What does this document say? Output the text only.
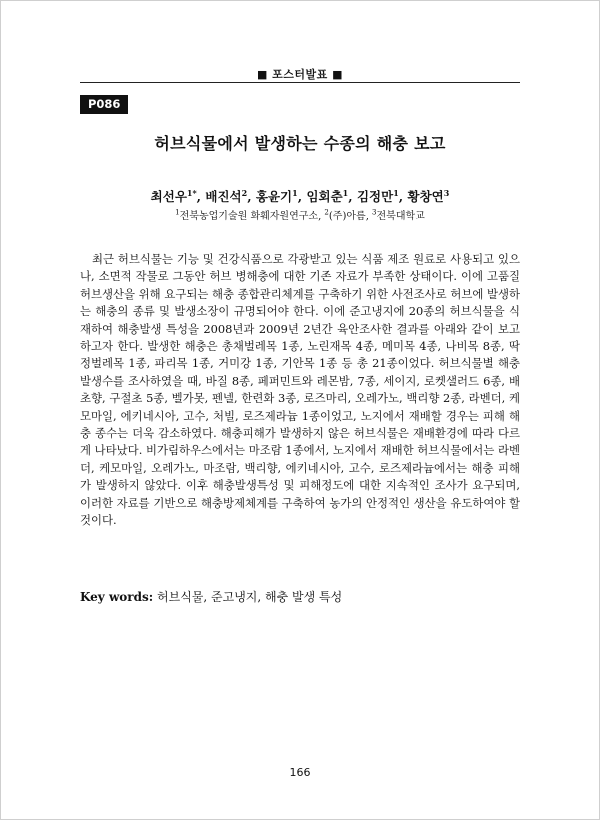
■ 포스터발표 ■
P086
허브식물에서 발생하는 수종의 해충 보고
최선우$^{1*}$, 배진석$^2$, 홍윤기$^1$, 임회춘$^1$, 김정만$^1$, 황창연$^3$
$^1$전북농업기술원 화훼자원연구소, $^2$(주)아름, $^3$전북대학교

최근 허브식물는 기능 및 건강식품으로 각광받고 있는 식품 제조 원료로 사용되고 있으나, 소면적 작물로 그동안 허브 병해충에 대한 기존 자료가 부족한 상태이다. 이에 고품질 허브생산을 위해 요구되는 해충 종합관리체계를 구축하기 위한 사전조사로 허브에 발생하는 해충의 종류 및 발생소장이 규명되어야 한다. 이에 준고냉지에 20종의 허브식물을 식재하여 해충발생 특성을 2008년과 2009년 2년간 육안조사한 결과를 아래와 같이 보고하고자 한다. 발생한 해충은 총채벌레목 1종, 노린재목 4종, 메미목 4종, 나비목 8종, 딱정벌레목 1종, 파리목 1종, 거미강 1종, 기안목 1종 등 총 21종이었다. 허브식물별 해충발생수를 조사하였을 때, 바질 8종, 페퍼민트와 레몬밤, 7종, 세이지, 로켓샐러드 6종, 배초향, 구절초 5종, 벨가못, 펜넬, 한련화 3종, 로즈마리, 오레가노, 백리향 2종, 라벤더, 케모마일, 에키네시아, 고수, 처빌, 로즈제라늄 1종이었고, 노지에서 재배할 경우는 피해 해충 종수는 더욱 감소하였다. 해충피해가 발생하지 않은 허브식물은 재배환경에 따라 다르게 나타났다. 비가림하우스에서는 마조람 1종에서, 노지에서 재배한 허브식물에서는 라벤더, 케모마일, 오레가노, 마조람, 백리향, 에키네시아, 고수, 로즈제라늄에서는 해충 피해가 발생하지 않았다. 이후 해충발생특성 및 피해정도에 대한 지속적인 조사가 요구되며, 이러한 자료를 기반으로 해충방제체계를 구축하여 농가의 안정적인 생산을 유도하여야 할 것이다.

Key words: 허브식물, 준고냉지, 해충 발생 특성
166
